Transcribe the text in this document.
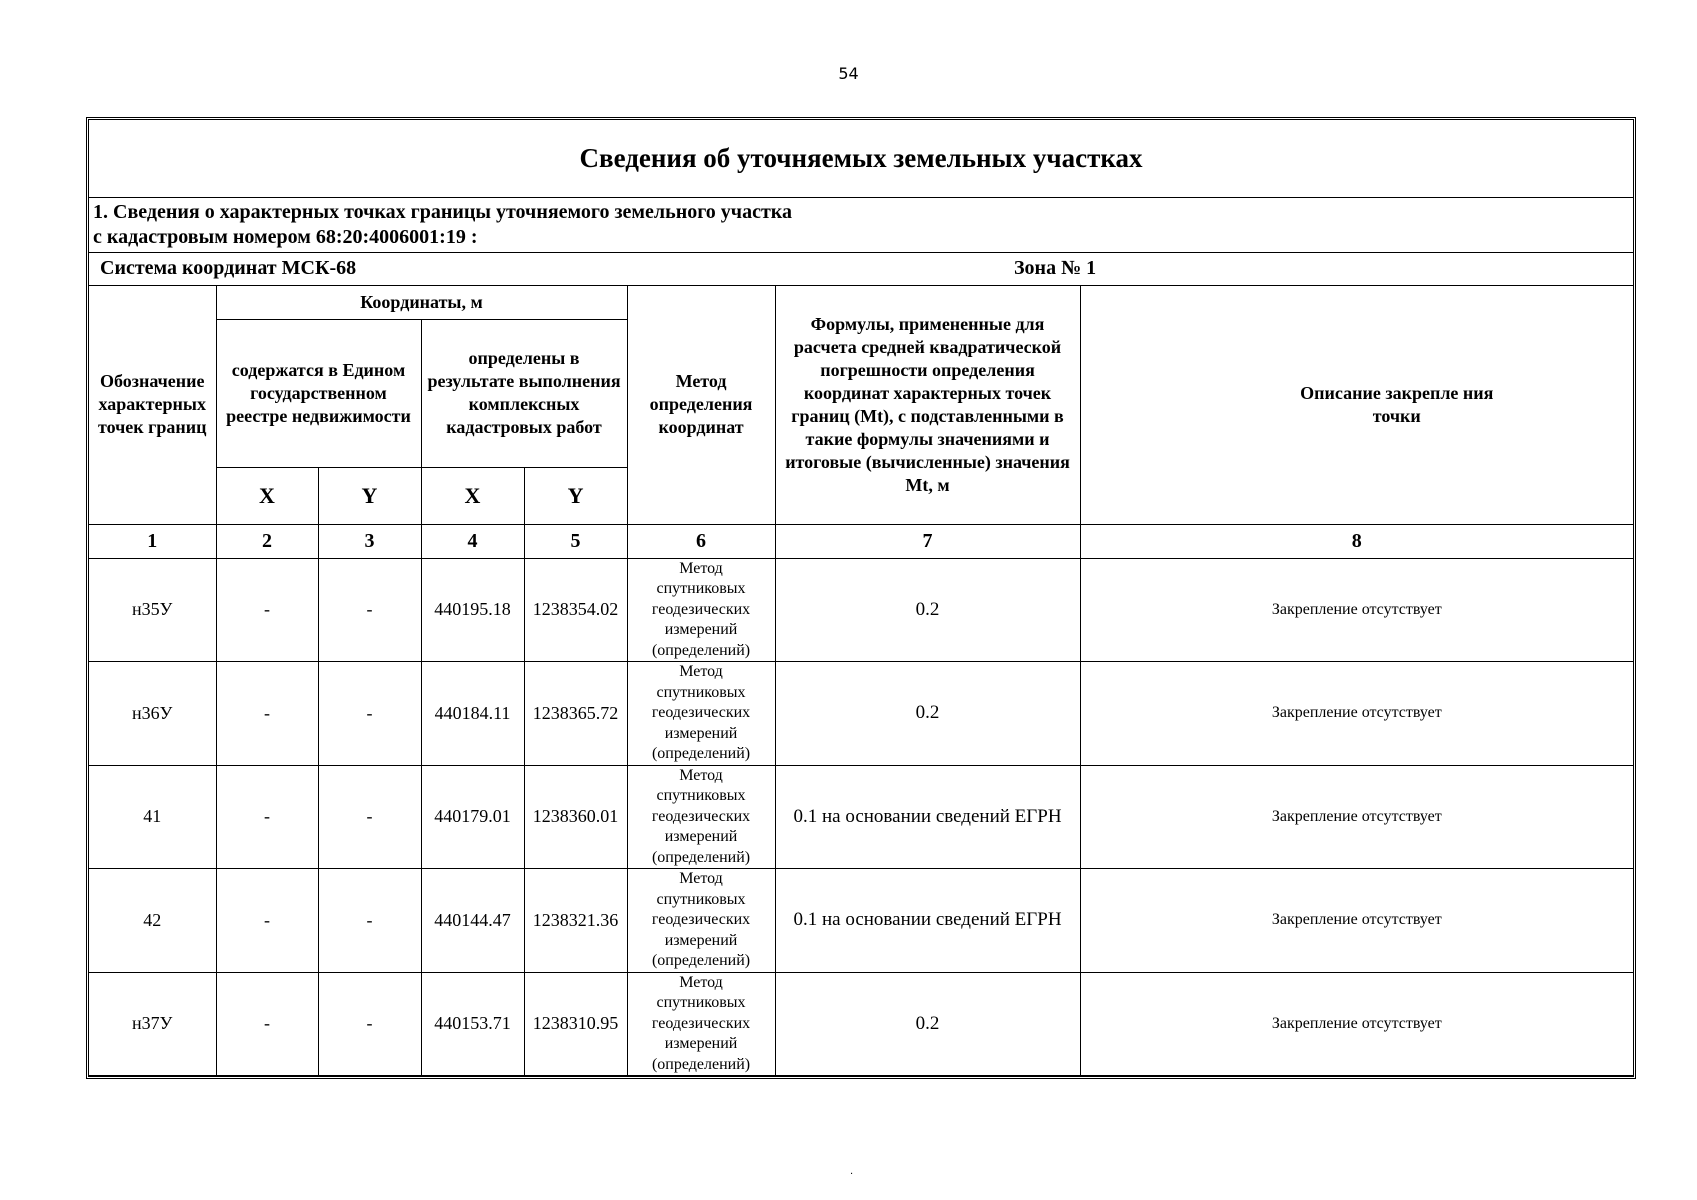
54
Сведения об уточняемых земельных участках
1. Сведения о характерных точках границы уточняемого земельного участка
с кадастровым номером 68:20:4006001:19 :
Система координат МСК-68	Зона № 1
Обозначение характерных точек границ	Координаты, м				Метод определения координат	Формулы, примененные для расчета средней квадратической погрешности определения координат характерных точек границ (Mt), с подставленными в такие формулы значениями и итоговые (вычисленные) значения Mt, м	Описание закрепле ния точки
	содержатся в Едином государственном реестре недвижимости		определены в результате выполнения комплексных кадастровых работ				
	X	Y	X	Y			
1	2	3	4	5	6	7	8
н35У	-	-	440195.18	1238354.02	Метод спутниковых геодезических измерений (определений)	0.2	Закрепление отсутствует
н36У	-	-	440184.11	1238365.72	Метод спутниковых геодезических измерений (определений)	0.2	Закрепление отсутствует
41	-	-	440179.01	1238360.01	Метод спутниковых геодезических измерений (определений)	0.1 на основании сведений ЕГРН	Закрепление отсутствует
42	-	-	440144.47	1238321.36	Метод спутниковых геодезических измерений (определений)	0.1 на основании сведений ЕГРН	Закрепление отсутствует
н37У	-	-	440153.71	1238310.95	Метод спутниковых геодезических измерений (определений)	0.2	Закрепление отсутствует
.
